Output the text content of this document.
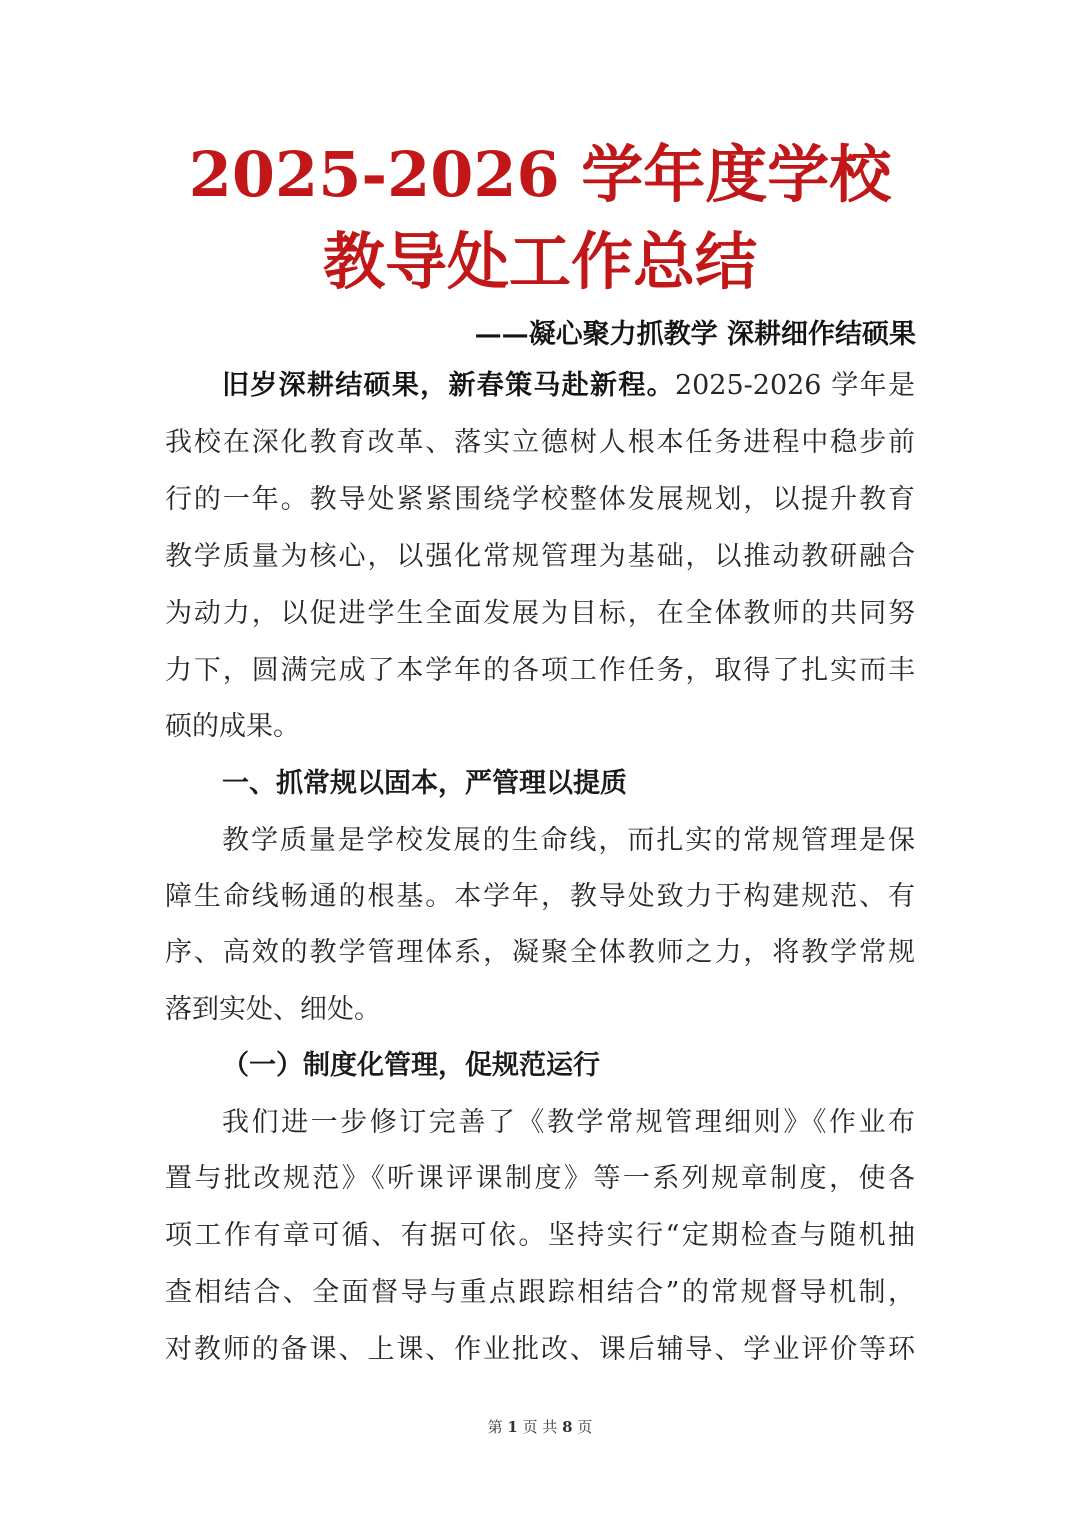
2025-2026 学年度学校
教导处工作总结
——凝心聚力抓教学 深耕细作结硕果
旧岁深耕结硕果，新春策马赴新程。2025-2026 学年是
我校在深化教育改革、落实立德树人根本任务进程中稳步前
行的一年。教导处紧紧围绕学校整体发展规划，以提升教育
教学质量为核心，以强化常规管理为基础，以推动教研融合
为动力，以促进学生全面发展为目标，在全体教师的共同努
力下，圆满完成了本学年的各项工作任务，取得了扎实而丰
硕的成果。
一、抓常规以固本，严管理以提质
教学质量是学校发展的生命线，而扎实的常规管理是保
障生命线畅通的根基。本学年，教导处致力于构建规范、有
序、高效的教学管理体系，凝聚全体教师之力，将教学常规
落到实处、细处。
（一）制度化管理，促规范运行
我们进一步修订完善了《教学常规管理细则》《作业布
置与批改规范》《听课评课制度》等一系列规章制度，使各
项工作有章可循、有据可依。坚持实行“定期检查与随机抽
查相结合、全面督导与重点跟踪相结合”的常规督导机制，
对教师的备课、上课、作业批改、课后辅导、学业评价等环
第 1 页 共 8 页
